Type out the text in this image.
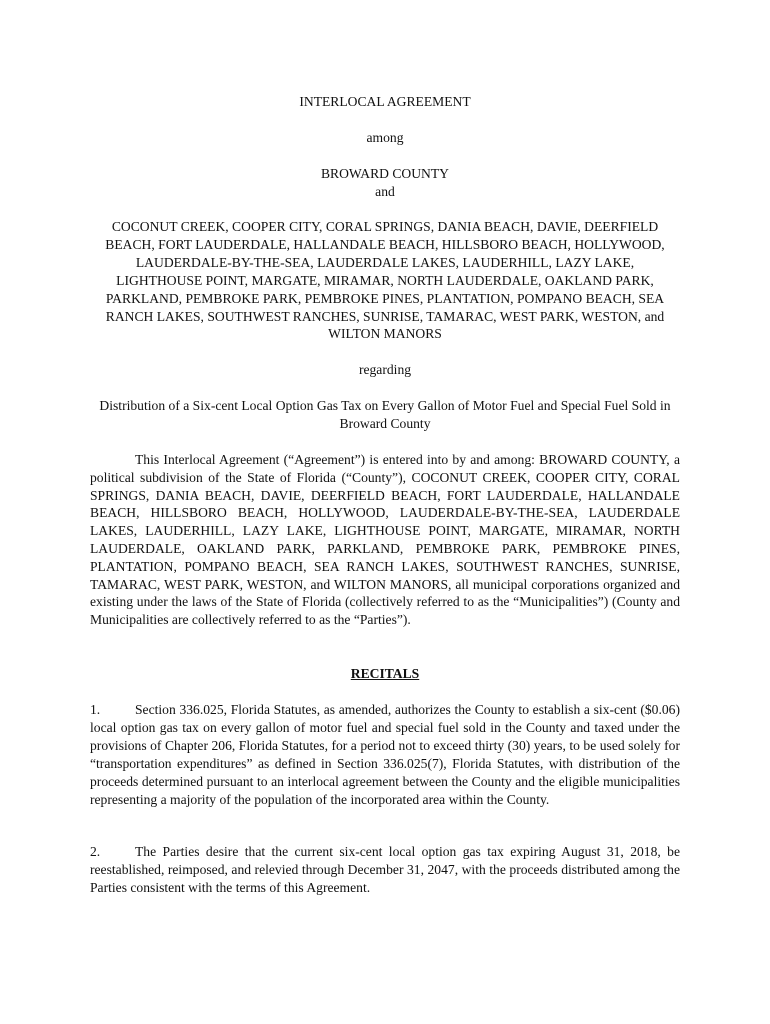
INTERLOCAL AGREEMENT
among
BROWARD COUNTY
and
COCONUT CREEK, COOPER CITY, CORAL SPRINGS, DANIA BEACH, DAVIE, DEERFIELD BEACH, FORT LAUDERDALE, HALLANDALE BEACH, HILLSBORO BEACH, HOLLYWOOD, LAUDERDALE-BY-THE-SEA, LAUDERDALE LAKES, LAUDERHILL, LAZY LAKE, LIGHTHOUSE POINT, MARGATE, MIRAMAR, NORTH LAUDERDALE, OAKLAND PARK, PARKLAND, PEMBROKE PARK, PEMBROKE PINES, PLANTATION, POMPANO BEACH, SEA RANCH LAKES, SOUTHWEST RANCHES, SUNRISE, TAMARAC, WEST PARK, WESTON, and WILTON MANORS
regarding
Distribution of a Six-cent Local Option Gas Tax on Every Gallon of Motor Fuel and Special Fuel Sold in Broward County
This Interlocal Agreement (“Agreement”) is entered into by and among: BROWARD COUNTY, a political subdivision of the State of Florida (“County”), COCONUT CREEK, COOPER CITY, CORAL SPRINGS, DANIA BEACH, DAVIE, DEERFIELD BEACH, FORT LAUDERDALE, HALLANDALE BEACH, HILLSBORO BEACH, HOLLYWOOD, LAUDERDALE-BY-THE-SEA, LAUDERDALE LAKES, LAUDERHILL, LAZY LAKE, LIGHTHOUSE POINT, MARGATE, MIRAMAR, NORTH LAUDERDALE, OAKLAND PARK, PARKLAND, PEMBROKE PARK, PEMBROKE PINES, PLANTATION, POMPANO BEACH, SEA RANCH LAKES, SOUTHWEST RANCHES, SUNRISE, TAMARAC, WEST PARK, WESTON, and WILTON MANORS, all municipal corporations organized and existing under the laws of the State of Florida (collectively referred to as the “Municipalities”) (County and Municipalities are collectively referred to as the “Parties”).
RECITALS
1.	Section 336.025, Florida Statutes, as amended, authorizes the County to establish a six-cent ($0.06) local option gas tax on every gallon of motor fuel and special fuel sold in the County and taxed under the provisions of Chapter 206, Florida Statutes, for a period not to exceed thirty (30) years, to be used solely for “transportation expenditures” as defined in Section 336.025(7), Florida Statutes, with distribution of the proceeds determined pursuant to an interlocal agreement between the County and the eligible municipalities representing a majority of the population of the incorporated area within the County.
2.	The Parties desire that the current six-cent local option gas tax expiring August 31, 2018, be reestablished, reimposed, and relevied through December 31, 2047, with the proceeds distributed among the Parties consistent with the terms of this Agreement.
